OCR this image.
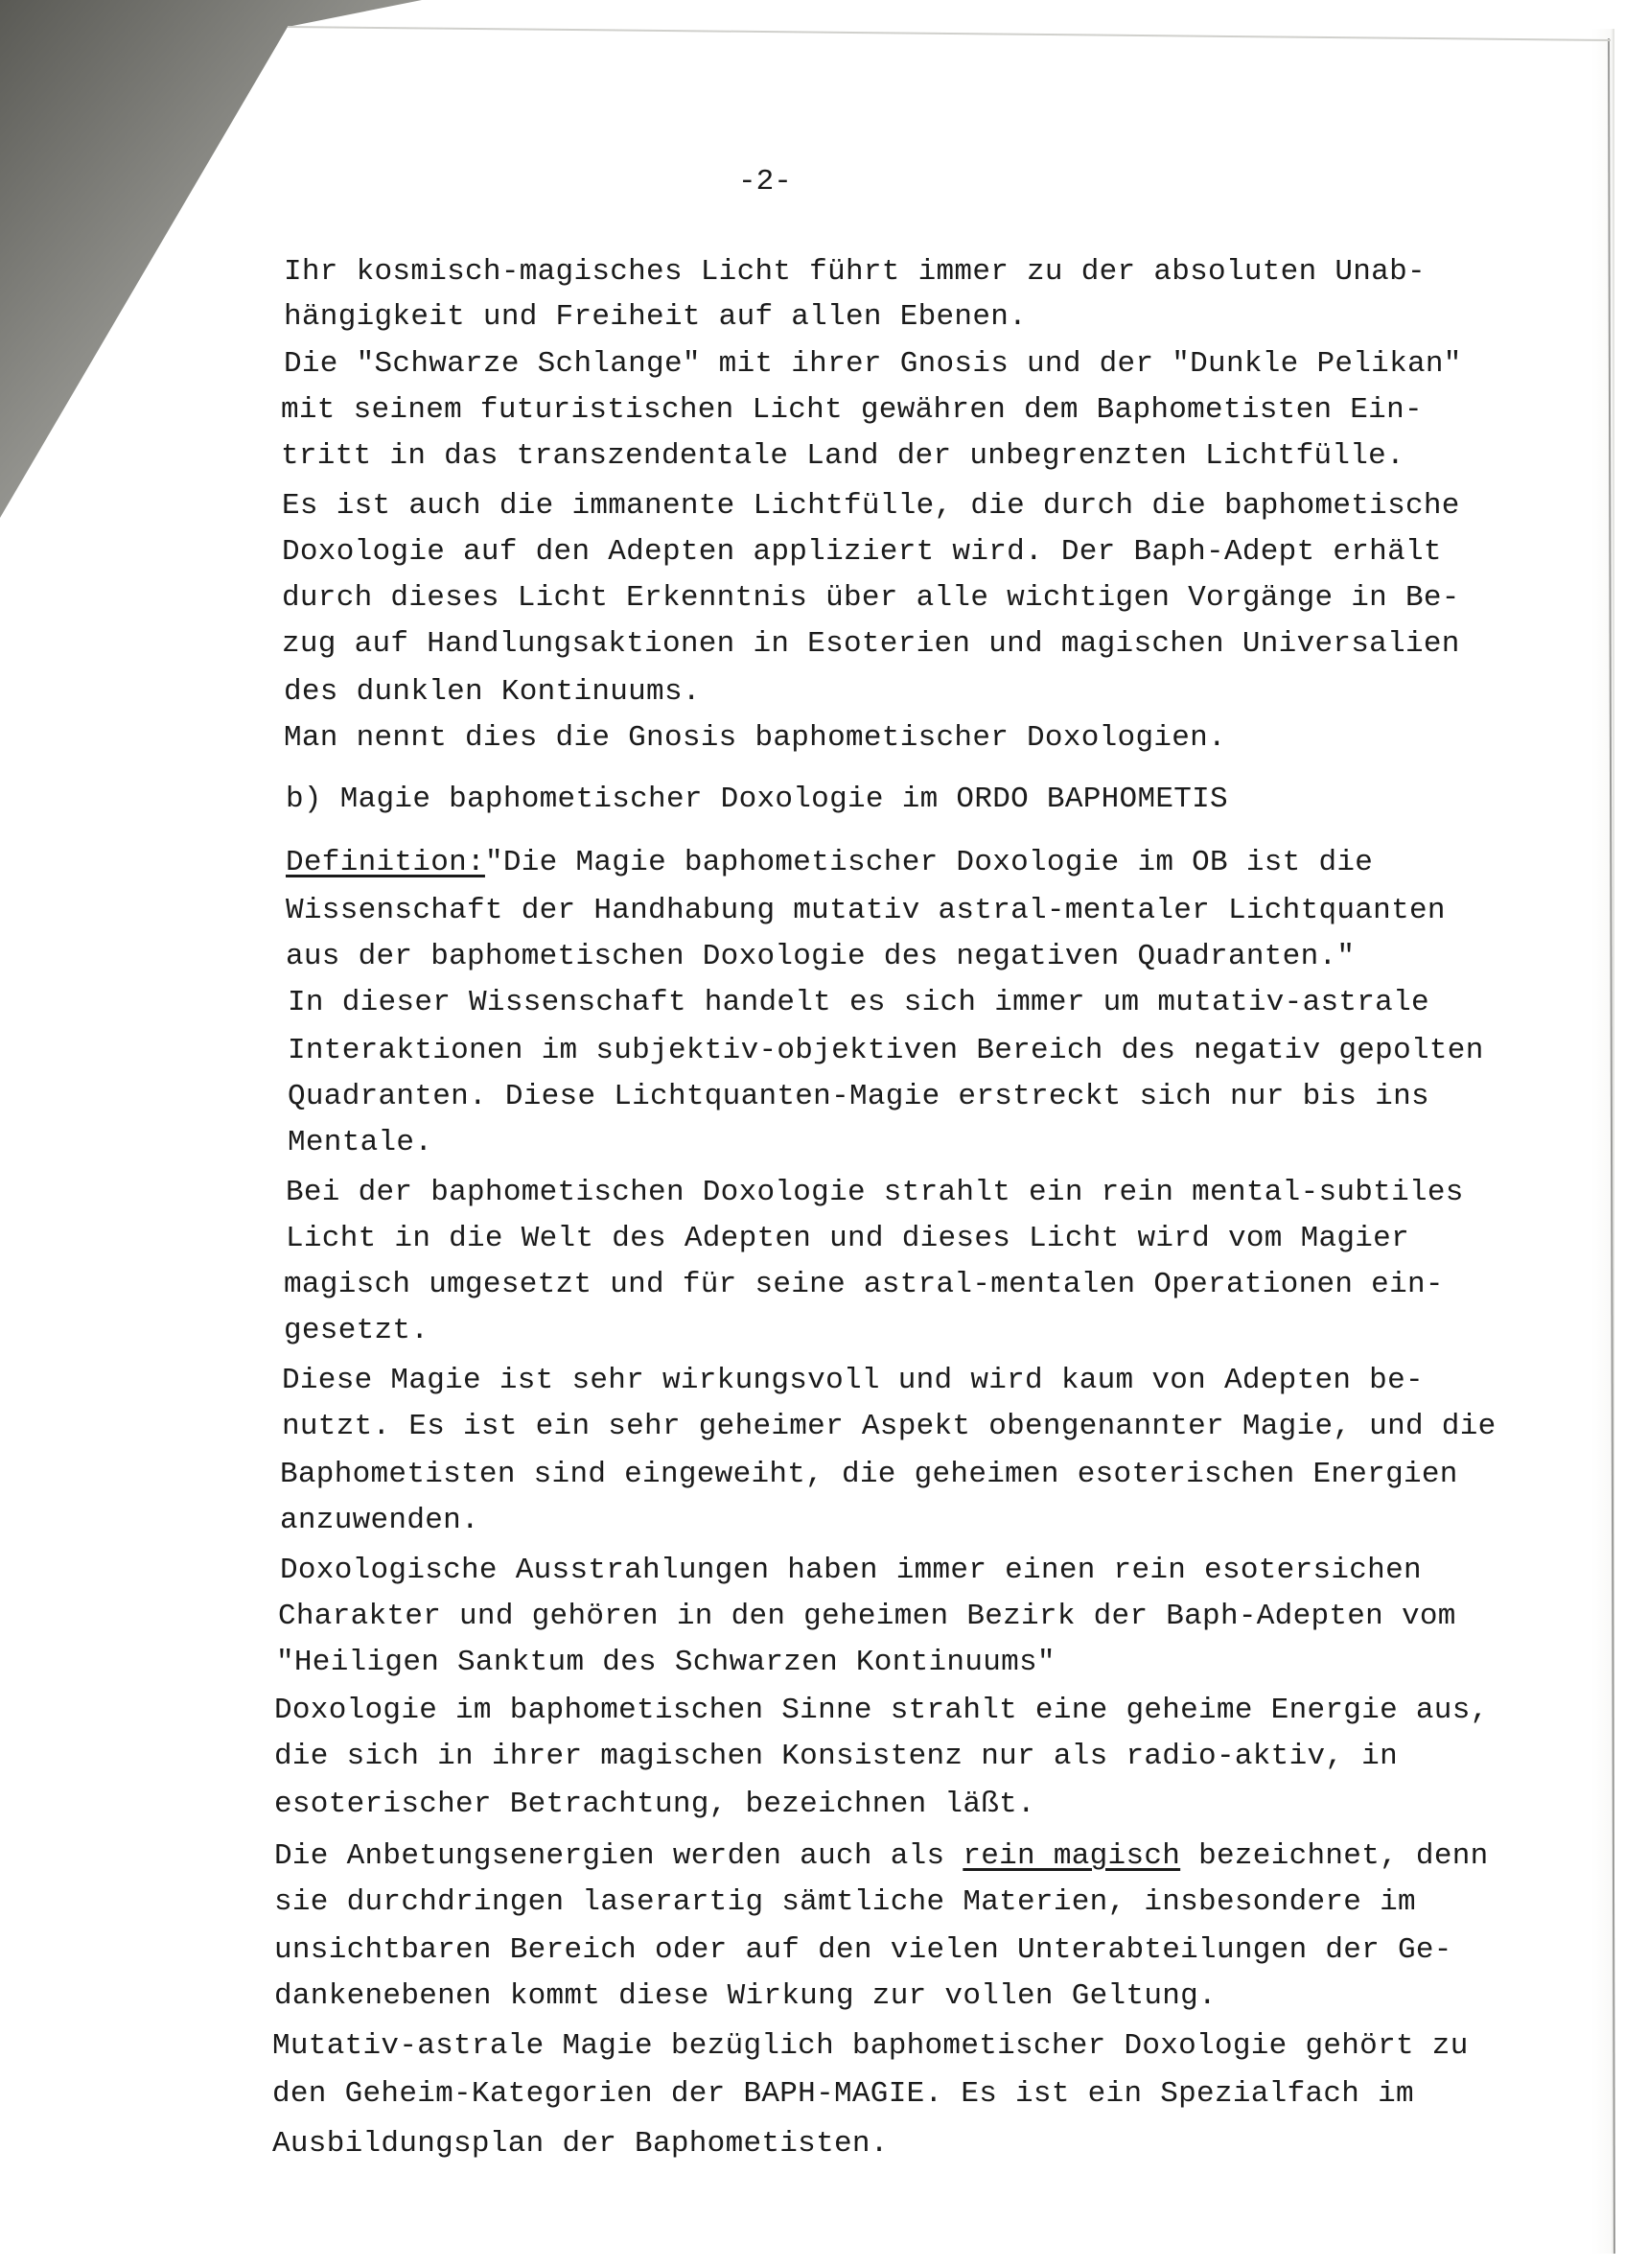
-2-
Ihr kosmisch-magisches Licht führt immer zu der absoluten Unab-
hängigkeit und Freiheit auf allen Ebenen.
Die "Schwarze Schlange" mit ihrer Gnosis und der "Dunkle Pelikan"
mit seinem futuristischen Licht gewähren dem Baphometisten Ein-
tritt in das transzendentale Land der unbegrenzten Lichtfülle.
Es ist auch die immanente Lichtfülle, die durch die baphometische
Doxologie auf den Adepten appliziert wird. Der Baph-Adept erhält
durch dieses Licht Erkenntnis über alle wichtigen Vorgänge in Be-
zug auf Handlungsaktionen in Esoterien und magischen Universalien
des dunklen Kontinuums.
Man nennt dies die Gnosis baphometischer Doxologien.
b) Magie baphometischer Doxologie im ORDO BAPHOMETIS
Definition:"Die Magie baphometischer Doxologie im OB ist die
Wissenschaft der Handhabung mutativ astral-mentaler Lichtquanten
aus der baphometischen Doxologie des negativen Quadranten."
In dieser Wissenschaft handelt es sich immer um mutativ-astrale
Interaktionen im subjektiv-objektiven Bereich des negativ gepolten
Quadranten. Diese Lichtquanten-Magie erstreckt sich nur bis ins
Mentale.
Bei der baphometischen Doxologie strahlt ein rein mental-subtiles
Licht in die Welt des Adepten und dieses Licht wird vom Magier
magisch umgesetzt und für seine astral-mentalen Operationen ein-
gesetzt.
Diese Magie ist sehr wirkungsvoll und wird kaum von Adepten be-
nutzt. Es ist ein sehr geheimer Aspekt obengenannter Magie, und die
Baphometisten sind eingeweiht, die geheimen esoterischen Energien
anzuwenden.
Doxologische Ausstrahlungen haben immer einen rein esotersichen
Charakter und gehören in den geheimen Bezirk der Baph-Adepten vom
"Heiligen Sanktum des Schwarzen Kontinuums"
Doxologie im baphometischen Sinne strahlt eine geheime Energie aus,
die sich in ihrer magischen Konsistenz nur als radio-aktiv, in
esoterischer Betrachtung, bezeichnen läßt.
Die Anbetungsenergien werden auch als rein magisch bezeichnet, denn
sie durchdringen laserartig sämtliche Materien, insbesondere im
unsichtbaren Bereich oder auf den vielen Unterabteilungen der Ge-
dankenebenen kommt diese Wirkung zur vollen Geltung.
Mutativ-astrale Magie bezüglich baphometischer Doxologie gehört zu
den Geheim-Kategorien der BAPH-MAGIE. Es ist ein Spezialfach im
Ausbildungsplan der Baphometisten.
